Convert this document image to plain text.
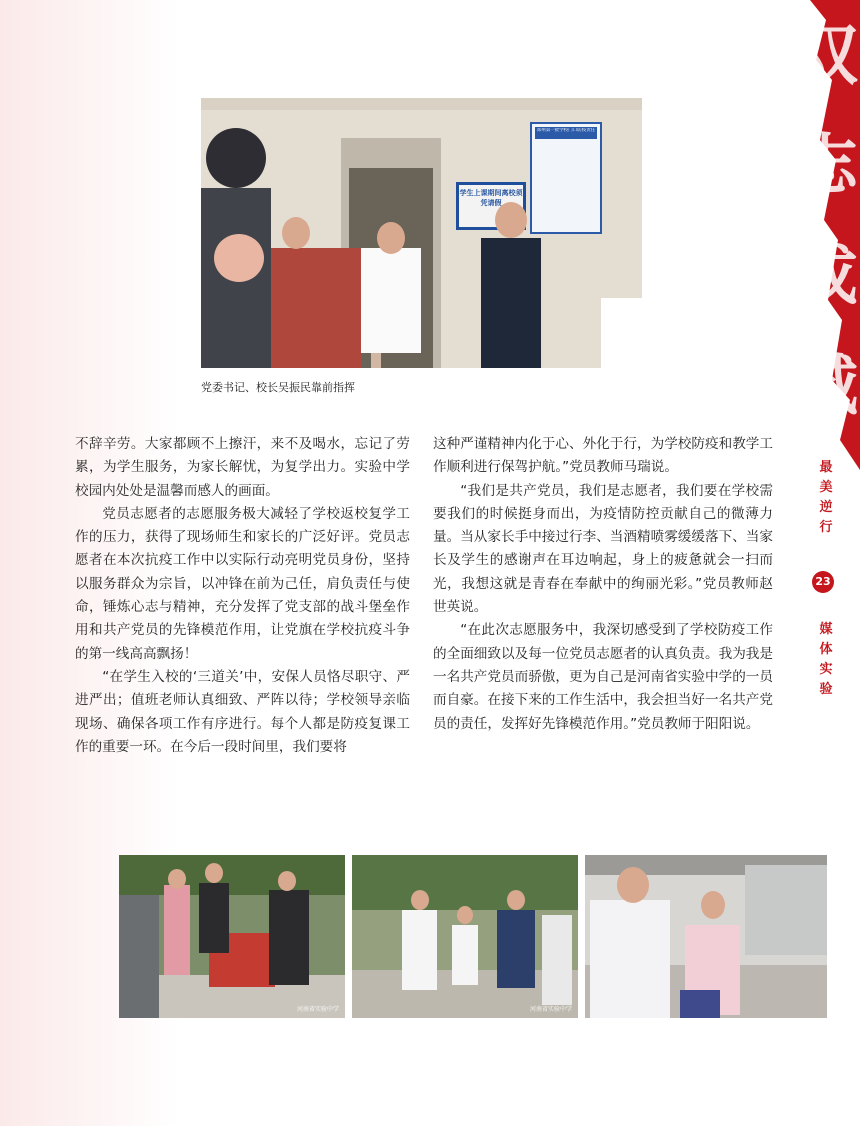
双志成城
学生上课期间离校须凭请假
郑州第一批学校门口防疫责任
党委书记、校长吴振民靠前指挥

不辞辛劳。大家都顾不上擦汗，来不及喝水，忘记了劳累，为学生服务，为家长解忧，为复学出力。实验中学校园内处处是温馨而感人的画面。

党员志愿者的志愿服务极大减轻了学校返校复学工作的压力，获得了现场师生和家长的广泛好评。党员志愿者在本次抗疫工作中以实际行动亮明党员身份，坚持以服务群众为宗旨，以冲锋在前为己任，肩负责任与使命，锤炼心志与精神，充分发挥了党支部的战斗堡垒作用和共产党员的先锋模范作用，让党旗在学校抗疫斗争的第一线高高飘扬！

“在学生入校的‘三道关’中，安保人员恪尽职守、严进严出；值班老师认真细致、严阵以待；学校领导亲临现场、确保各项工作有序进行。每个人都是防疫复课工作的重要一环。在今后一段时间里，我们要将

这种严谨精神内化于心、外化于行，为学校防疫和教学工作顺利进行保驾护航。”党员教师马瑞说。

“我们是共产党员，我们是志愿者，我们要在学校需要我们的时候挺身而出，为疫情防控贡献自己的微薄力量。当从家长手中接过行李、当酒精喷雾缓缓落下、当家长及学生的感谢声在耳边响起，身上的疲惫就会一扫而光，我想这就是青春在奉献中的绚丽光彩。”党员教师赵世英说。

“在此次志愿服务中，我深切感受到了学校防疫工作的全面细致以及每一位党员志愿者的认真负责。我为我是一名共产党员而骄傲，更为自己是河南省实验中学的一员而自豪。在接下来的工作生活中，我会担当好一名共产党员的责任，发挥好先锋模范作用。”党员教师于阳阳说。

最
美
逆
行
23
媒
体
实
验
河南省实验中学	河南省实验中学
